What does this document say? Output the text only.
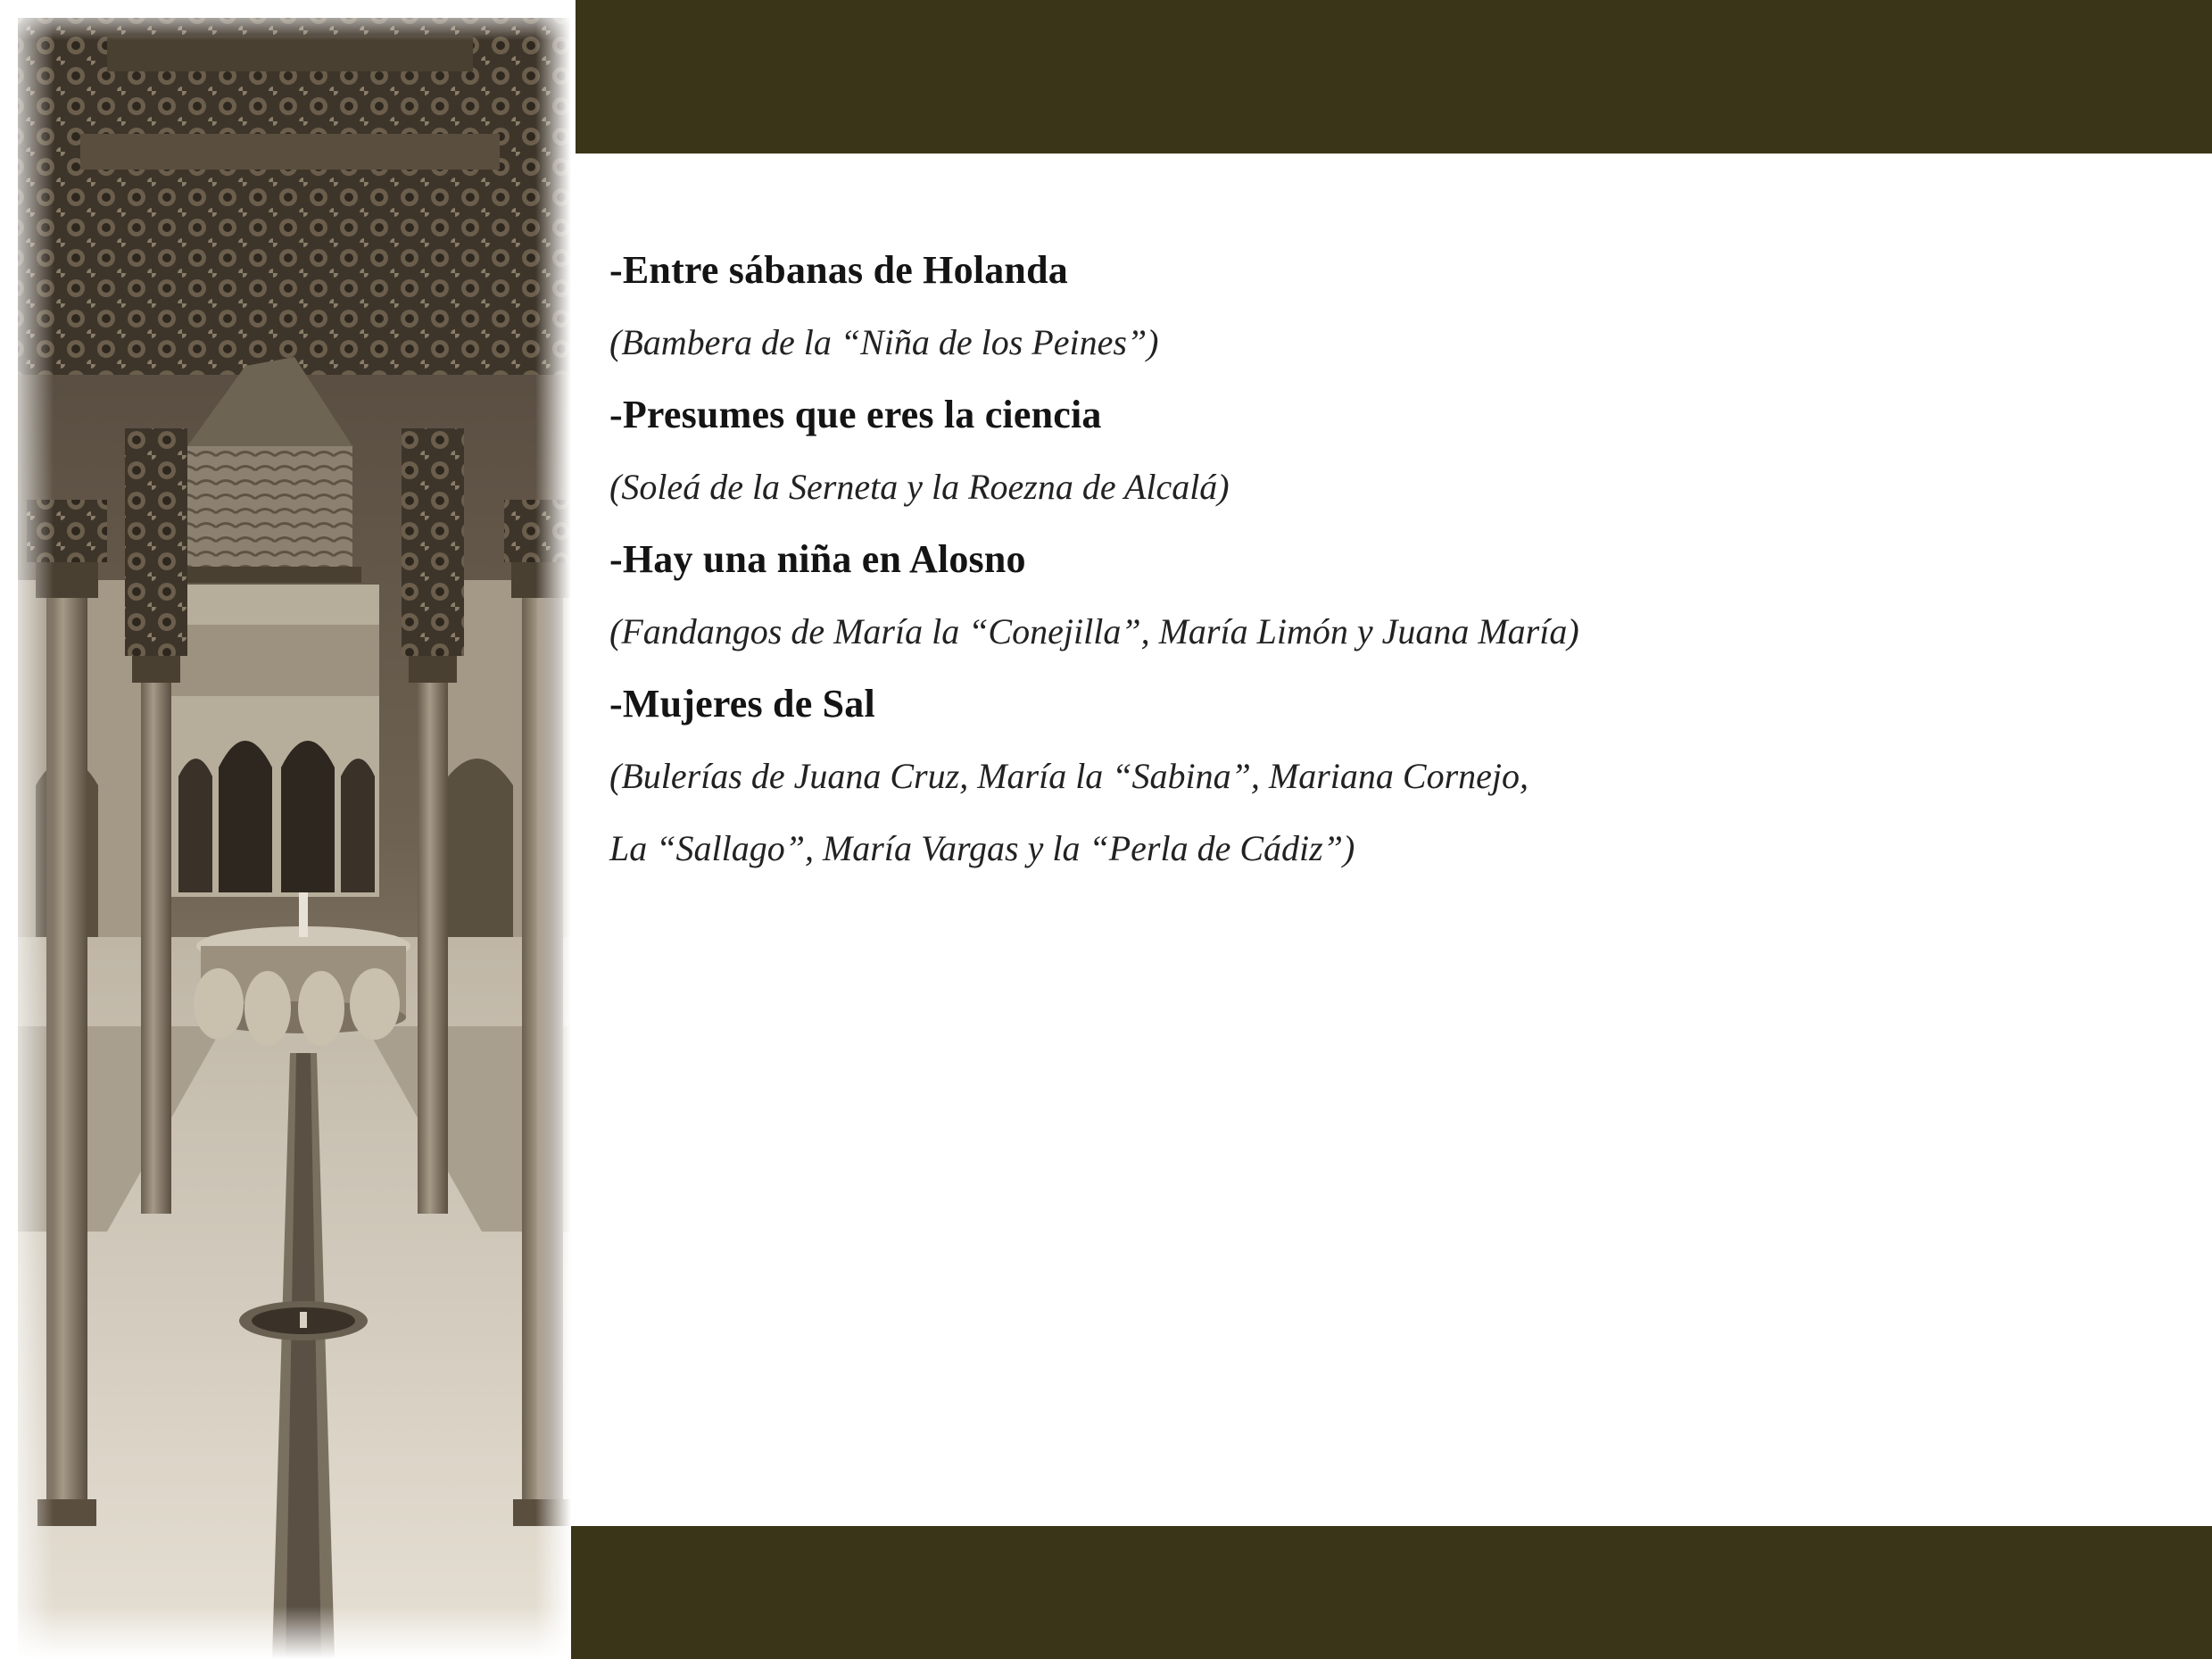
-Entre sábanas de Holanda
(Bambera de la “Niña de los Peines”)
-Presumes que eres la ciencia
(Soleá de la Serneta y la Roezna de Alcalá)
-Hay una niña en Alosno
(Fandangos de María la “Conejilla”, María Limón y Juana María)
-Mujeres de Sal
(Bulerías de Juana Cruz, María la “Sabina”, Mariana Cornejo,
La “Sallago”, María Vargas y la “Perla de Cádiz”)
